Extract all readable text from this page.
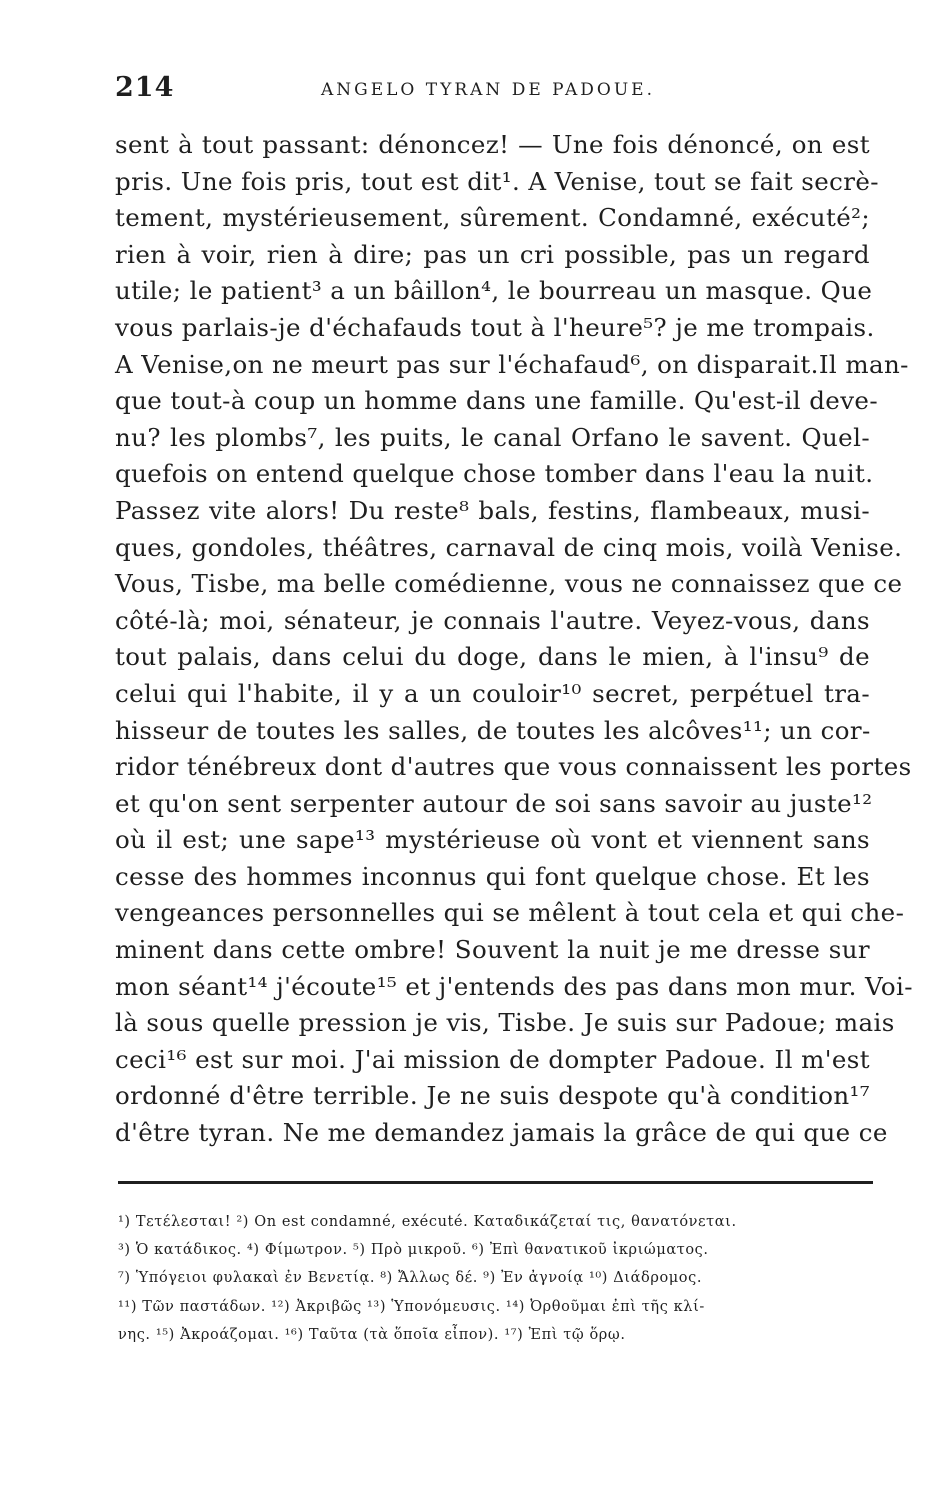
214	ANGELO TYRAN DE PADOUE.
sent à tout passant: dénoncez! — Une fois dénoncé, on est
pris. Une fois pris, tout est dit¹. A Venise, tout se fait secrè-
tement, mystérieusement, sûrement. Condamné, exécuté²;
rien à voir, rien à dire; pas un cri possible, pas un regard
utile; le patient³ a un bâillon⁴, le bourreau un masque. Que
vous parlais-je d'échafauds tout à l'heure⁵? je me trompais.
A Venise,on ne meurt pas sur l'échafaud⁶, on disparait.Il man-
que tout-à coup un homme dans une famille. Qu'est-il deve-
nu? les plombs⁷, les puits, le canal Orfano le savent. Quel-
quefois on entend quelque chose tomber dans l'eau la nuit.
Passez vite alors! Du reste⁸ bals, festins, flambeaux, musi-
ques, gondoles, théâtres, carnaval de cinq mois, voilà Venise.
Vous, Tisbe, ma belle comédienne, vous ne connaissez que ce
côté-là; moi, sénateur, je connais l'autre. Veyez-vous, dans
tout palais, dans celui du doge, dans le mien, à l'insu⁹ de
celui qui l'habite, il y a un couloir¹⁰ secret, perpétuel tra-
hisseur de toutes les salles, de toutes les alcôves¹¹; un cor-
ridor ténébreux dont d'autres que vous connaissent les portes
et qu'on sent serpenter autour de soi sans savoir au juste¹²
où il est; une sape¹³ mystérieuse où vont et viennent sans
cesse des hommes inconnus qui font quelque chose. Et les
vengeances personnelles qui se mêlent à tout cela et qui che-
minent dans cette ombre! Souvent la nuit je me dresse sur
mon séant¹⁴ j'écoute¹⁵ et j'entends des pas dans mon mur. Voi-
là sous quelle pression je vis, Tisbe. Je suis sur Padoue; mais
ceci¹⁶ est sur moi. J'ai mission de dompter Padoue. Il m'est
ordonné d'être terrible. Je ne suis despote qu'à condition¹⁷
d'être tyran. Ne me demandez jamais la grâce de qui que ce
¹) Τετέλεσται! ²) On est condamné, exécuté. Καταδικάζεταί τις, θανατόνεται.
³) Ὁ κατάδικος. ⁴) Φίμωτρον. ⁵) Πρὸ μικροῦ. ⁶) Ἐπὶ θανατικοῦ ἰκριώματος.
⁷) Ὑπόγειοι φυλακαὶ ἐν Βενετίᾳ. ⁸) Ἄλλως δέ. ⁹) Ἐν ἀγνοίᾳ ¹⁰) Διάδρομος.
¹¹) Τῶν παστάδων. ¹²) Ἀκριβῶς ¹³) Ὑπονόμευσις. ¹⁴) Ὀρθοῦμαι ἐπὶ τῆς κλί-
νης. ¹⁵) Ἀκροάζομαι. ¹⁶) Ταῦτα (τὰ ὅποῖα εἶπον). ¹⁷) Ἐπὶ τῷ ὅρῳ.
